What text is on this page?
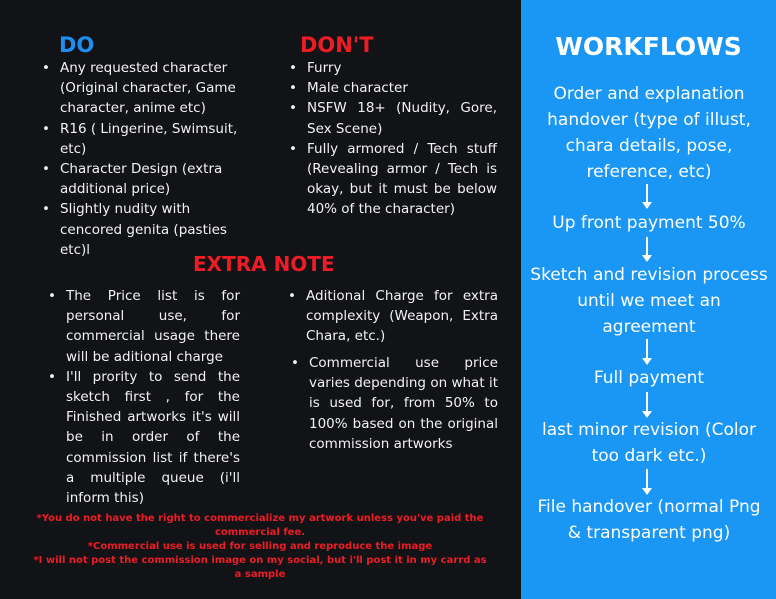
DO
• Any requested character (Original character, Game character, anime etc)
• R16 ( Lingerine, Swimsuit, etc)
• Character Design (extra additional price)
• Slightly nudity with cencored genita (pasties etc)l
DON'T
• Furry
• Male character
• NSFW 18+ (Nudity, Gore, Sex Scene)
• Fully armored / Tech stuff (Revealing armor / Tech is okay, but it must be below 40% of the character)
EXTRA NOTE
• The Price list is for personal use, for commercial usage there will be aditional charge
• I'll prority to send the sketch first , for the Finished artworks it's will be in order of the commission list if there's a multiple queue (i'll inform this)
• Aditional Charge for extra complexity (Weapon, Extra Chara, etc.)
• Commercial use price varies depending on what it is used for, from 50% to 100% based on the original commission artworks

*You do not have the right to commercialize my artwork unless you've paid the commercial fee.

*Commercial use is used for selling and reproduce the image

*I will not post the commission image on my social, but i'll post it in my carrd as a sample

WORKFLOWS
Order and explanation handover (type of illust, chara details, pose, reference, etc)
Up front payment 50%
Sketch and revision process until we meet an agreement
Full payment
last minor revision (Color too dark etc.)
File handover (normal Png & transparent png)
